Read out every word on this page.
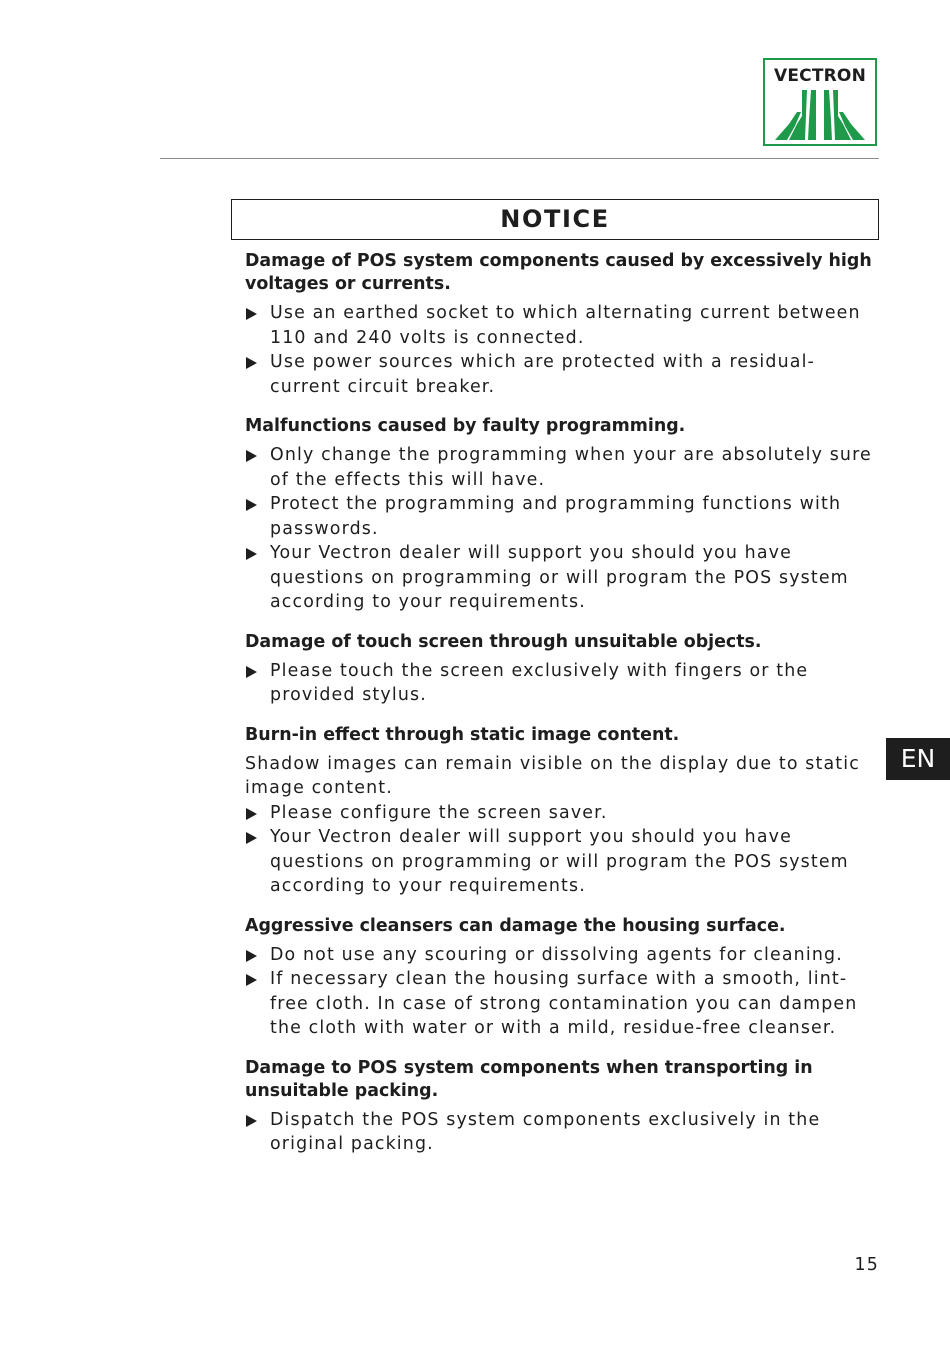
VECTRON
NOTICE

Damage of POS system components caused by excessively high voltages or currents.

Use an earthed socket to which alternating current between 110 and 240 volts is connected.
Use power sources which are protected with a residual-current circuit breaker.

Malfunctions caused by faulty programming.

Only change the programming when your are absolutely sure of the effects this will have.
Protect the programming and programming functions with passwords.
Your Vectron dealer will support you should you have questions on programming or will program the POS system according to your requirements.

Damage of touch screen through unsuitable objects.

Please touch the screen exclusively with fingers or the provided stylus.

Burn-in effect through static image content.

Shadow images can remain visible on the display due to static image content.

Please configure the screen saver.
Your Vectron dealer will support you should you have questions on programming or will program the POS system according to your requirements.

Aggressive cleansers can damage the housing surface.

Do not use any scouring or dissolving agents for cleaning.
If necessary clean the housing surface with a smooth, lint-free cloth. In case of strong contamination you can dampen the cloth with water or with a mild, residue-free cleanser.

Damage to POS system components when transporting in unsuitable packing.

Dispatch the POS system components exclusively in the original packing.
EN
15
